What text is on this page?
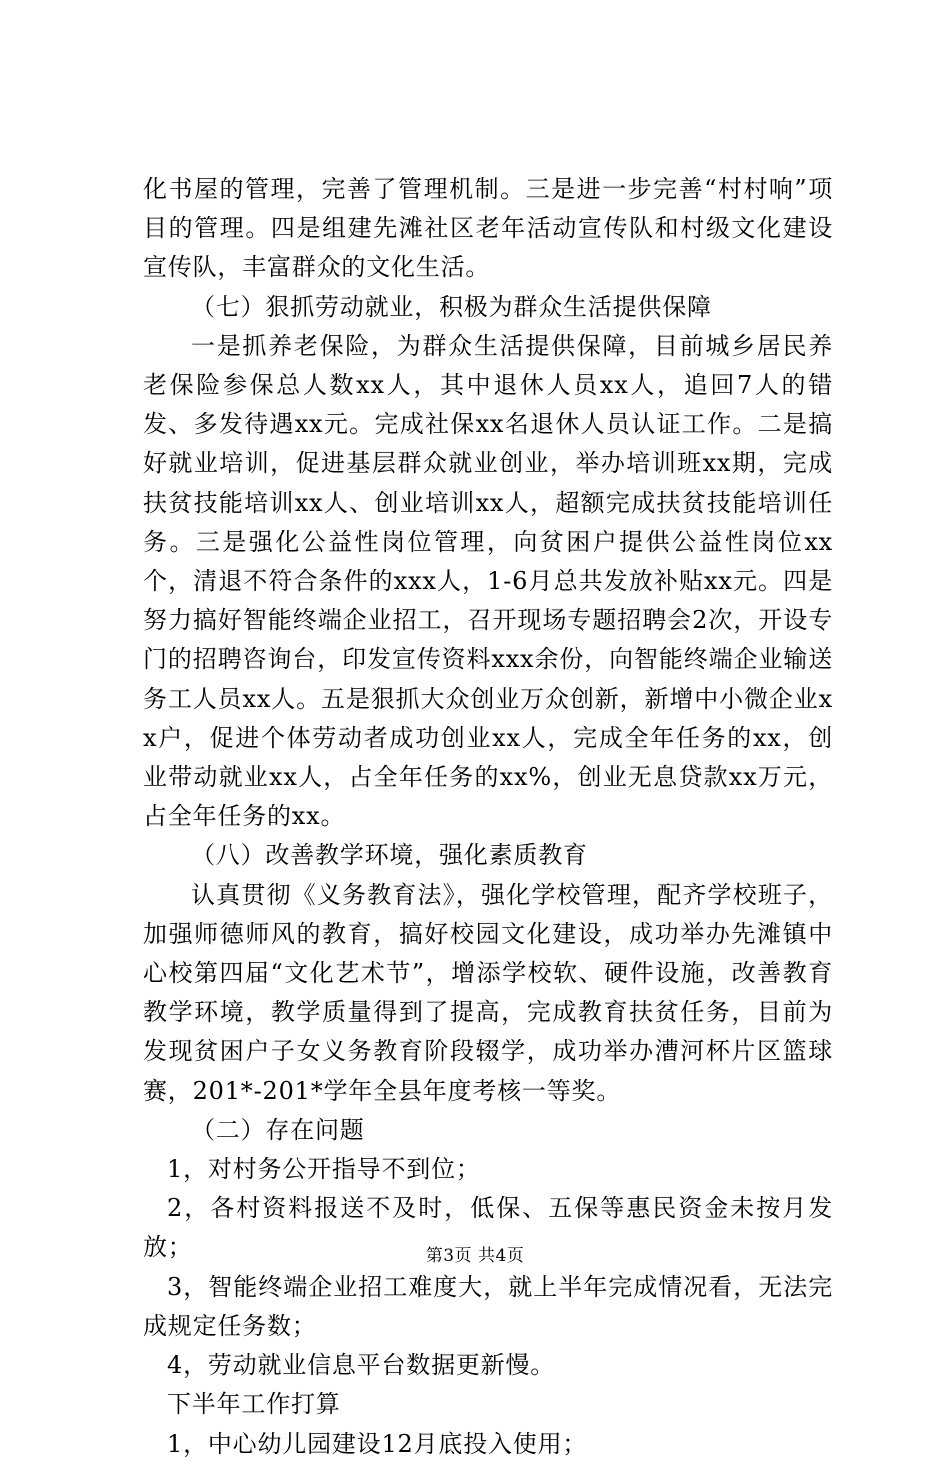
化书屋的管理，完善了管理机制。三是进一步完善“村村响”项目的管理。四是组建先滩社区老年活动宣传队和村级文化建设宣传队，丰富群众的文化生活。

（七）狠抓劳动就业，积极为群众生活提供保障

一是抓养老保险，为群众生活提供保障，目前城乡居民养老保险参保总人数xx人，其中退休人员xx人，追回7人的错发、多发待遇xx元。完成社保xx名退休人员认证工作。二是搞好就业培训，促进基层群众就业创业，举办培训班xx期，完成扶贫技能培训xx人、创业培训xx人，超额完成扶贫技能培训任务。三是强化公益性岗位管理，向贫困户提供公益性岗位xx个，清退不符合条件的xxx人，1-6月总共发放补贴xx元。四是努力搞好智能终端企业招工，召开现场专题招聘会2次，开设专门的招聘咨询台，印发宣传资料xxx余份，向智能终端企业输送务工人员xx人。五是狠抓大众创业万众创新，新增中小微企业xx户，促进个体劳动者成功创业xx人，完成全年任务的xx，创业带动就业xx人，占全年任务的xx%，创业无息贷款xx万元，占全年任务的xx。

（八）改善教学环境，强化素质教育

认真贯彻《义务教育法》，强化学校管理，配齐学校班子，加强师德师风的教育，搞好校园文化建设，成功举办先滩镇中心校第四届“文化艺术节”，增添学校软、硬件设施，改善教育教学环境，教学质量得到了提高，完成教育扶贫任务，目前为发现贫困户子女义务教育阶段辍学，成功举办漕河杯片区篮球赛，201*-201*学年全县年度考核一等奖。

（二）存在问题

1，对村务公开指导不到位；

2，各村资料报送不及时，低保、五保等惠民资金未按月发放；

3，智能终端企业招工难度大，就上半年完成情况看，无法完成规定任务数；

4，劳动就业信息平台数据更新慢。

下半年工作打算

1，中心幼儿园建设12月底投入使用；

第3页 共4页
